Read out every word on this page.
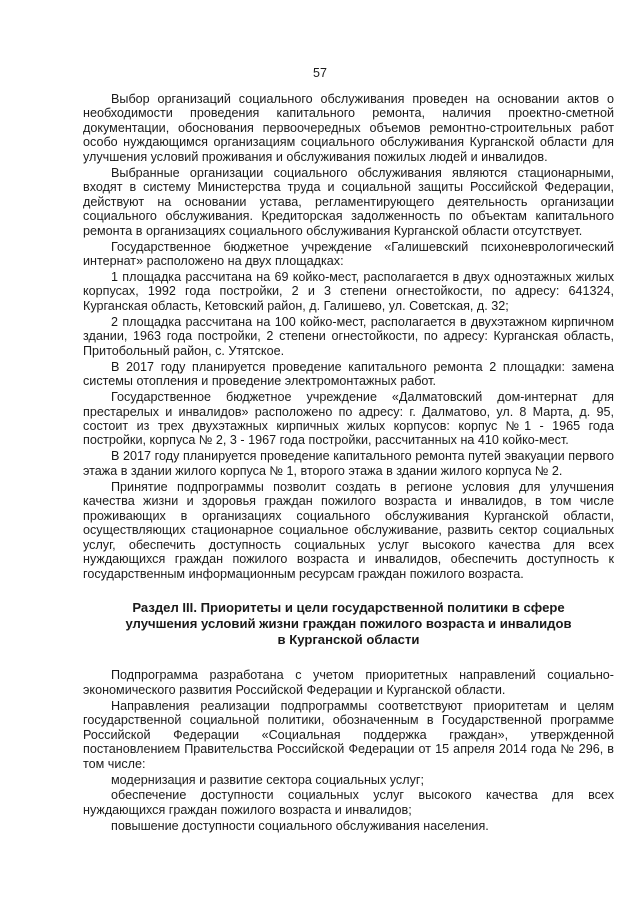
57

Выбор организаций социального обслуживания проведен на основании актов о необходимости проведения капитального ремонта, наличия проектно-сметной документации, обоснования первоочередных объемов ремонтно-строительных работ особо нуждающимся организациям социального обслуживания Курганской области для улучшения условий проживания и обслуживания пожилых людей и инвалидов.

Выбранные организации социального обслуживания являются стационарными, входят в систему Министерства труда и социальной защиты Российской Федерации, действуют на основании устава, регламентирующего деятельность организации социального обслуживания. Кредиторская задолженность по объектам капитального ремонта в организациях социального обслуживания Курганской области отсутствует.

Государственное бюджетное учреждение «Галишевский психоневрологический интернат» расположено на двух площадках:

1 площадка рассчитана на 69 койко-мест, располагается в двух одноэтажных жилых корпусах, 1992 года постройки, 2 и 3 степени огнестойкости, по адресу: 641324, Курганская область, Кетовский район, д. Галишево, ул. Советская, д. 32;

2 площадка рассчитана на 100 койко-мест, располагается в двухэтажном кирпичном здании, 1963 года постройки, 2 степени огнестойкости, по адресу: Курганская область, Притобольный район, с. Утятское.

В 2017 году планируется проведение капитального ремонта 2 площадки: замена системы отопления и проведение электромонтажных работ.

Государственное бюджетное учреждение «Далматовский дом-интернат для престарелых и инвалидов» расположено по адресу: г. Далматово, ул. 8 Марта, д. 95, состоит из трех двухэтажных кирпичных жилых корпусов: корпус №1 - 1965 года постройки, корпуса № 2, 3 - 1967 года постройки, рассчитанных на 410 койко-мест.

В 2017 году планируется проведение капитального ремонта путей эвакуации первого этажа в здании жилого корпуса № 1, второго этажа в здании жилого корпуса № 2.

Принятие подпрограммы позволит создать в регионе условия для улучшения качества жизни и здоровья граждан пожилого возраста и инвалидов, в том числе проживающих в организациях социального обслуживания Курганской области, осуществляющих стационарное социальное обслуживание, развить сектор социальных услуг, обеспечить доступность социальных услуг высокого качества для всех нуждающихся граждан пожилого возраста и инвалидов, обеспечить доступность к государственным информационным ресурсам граждан пожилого возраста.

Раздел III. Приоритеты и цели государственной политики в сфере
улучшения условий жизни граждан пожилого возраста и инвалидов
в Курганской области

Подпрограмма разработана с учетом приоритетных направлений социально-экономического развития Российской Федерации и Курганской области.

Направления реализации подпрограммы соответствуют приоритетам и целям государственной социальной политики, обозначенным в Государственной программе Российской Федерации «Социальная поддержка граждан», утвержденной постановлением Правительства Российской Федерации от 15 апреля 2014 года № 296, в том числе:

модернизация и развитие сектора социальных услуг;

обеспечение доступности социальных услуг высокого качества для всех нуждающихся граждан пожилого возраста и инвалидов;

повышение доступности социального обслуживания населения.
